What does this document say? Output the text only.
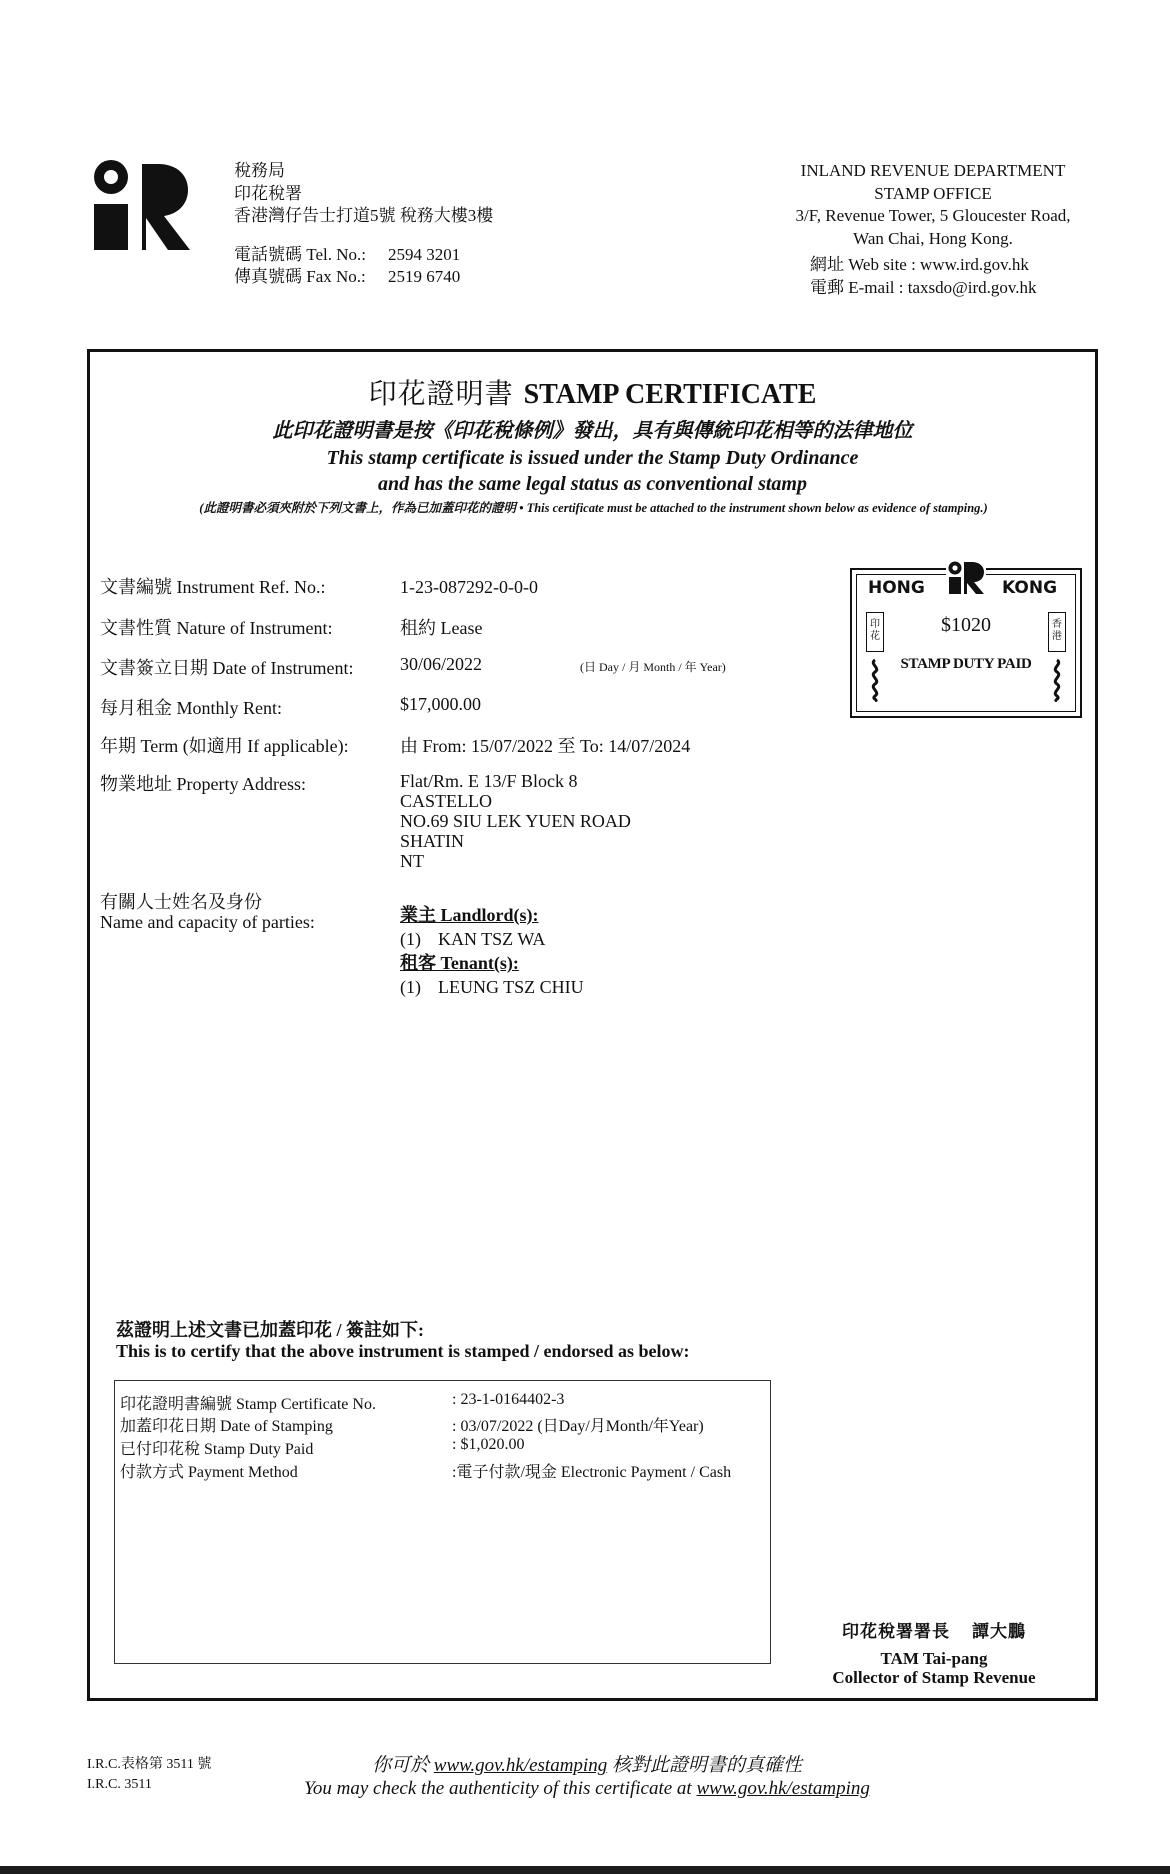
稅務局
印花稅署
香港灣仔告士打道5號 稅務大樓3樓
電話號碼 Tel. No.: 2594 3201
傳真號碼 Fax No.: 2519 6740
INLAND REVENUE DEPARTMENT
STAMP OFFICE
3/F, Revenue Tower, 5 Gloucester Road,
Wan Chai, Hong Kong.
網址 Web site : www.ird.gov.hk
電郵 E-mail : taxsdo@ird.gov.hk
印花證明書 STAMP CERTIFICATE
此印花證明書是按《印花稅條例》發出，具有與傳統印花相等的法律地位
This stamp certificate is issued under the Stamp Duty Ordinance
and has the same legal status as conventional stamp
(此證明書必須夾附於下列文書上，作為已加蓋印花的證明 • This certificate must be attached to the instrument shown below as evidence of stamping.)
文書編號 Instrument Ref. No.:	1-23-087292-0-0-0
文書性質 Nature of Instrument:	租約 Lease
文書簽立日期 Date of Instrument:	30/06/2022	(日 Day / 月 Month / 年 Year)
每月租金 Monthly Rent:	$17,000.00
年期 Term (如適用 If applicable):	由 From: 15/07/2022 至 To: 14/07/2024
物業地址 Property Address:	Flat/Rm. E 13/F Block 8
CASTELLO
NO.69 SIU LEK YUEN ROAD
SHATIN
NT
有關人士姓名及身份
Name and capacity of parties:	業主 Landlord(s):
(1) KAN TSZ WA
租客 Tenant(s):
(1) LEUNG TSZ CHIU
HONG	KONG
$1020
STAMP DUTY PAID
印花
香港
茲證明上述文書已加蓋印花 / 簽註如下:
This is to certify that the above instrument is stamped / endorsed as below:
印花證明書編號 Stamp Certificate No.	: 23-1-0164402-3
加蓋印花日期 Date of Stamping	: 03/07/2022 (日Day/月Month/年Year)
已付印花稅 Stamp Duty Paid	: $1,020.00
付款方式 Payment Method	:電子付款/現金 Electronic Payment / Cash
印花稅署署長 譚大鵬
TAM Tai-pang
Collector of Stamp Revenue
I.R.C.表格第 3511 號
I.R.C. 3511
你可於 www.gov.hk/estamping 核對此證明書的真確性
You may check the authenticity of this certificate at www.gov.hk/estamping
